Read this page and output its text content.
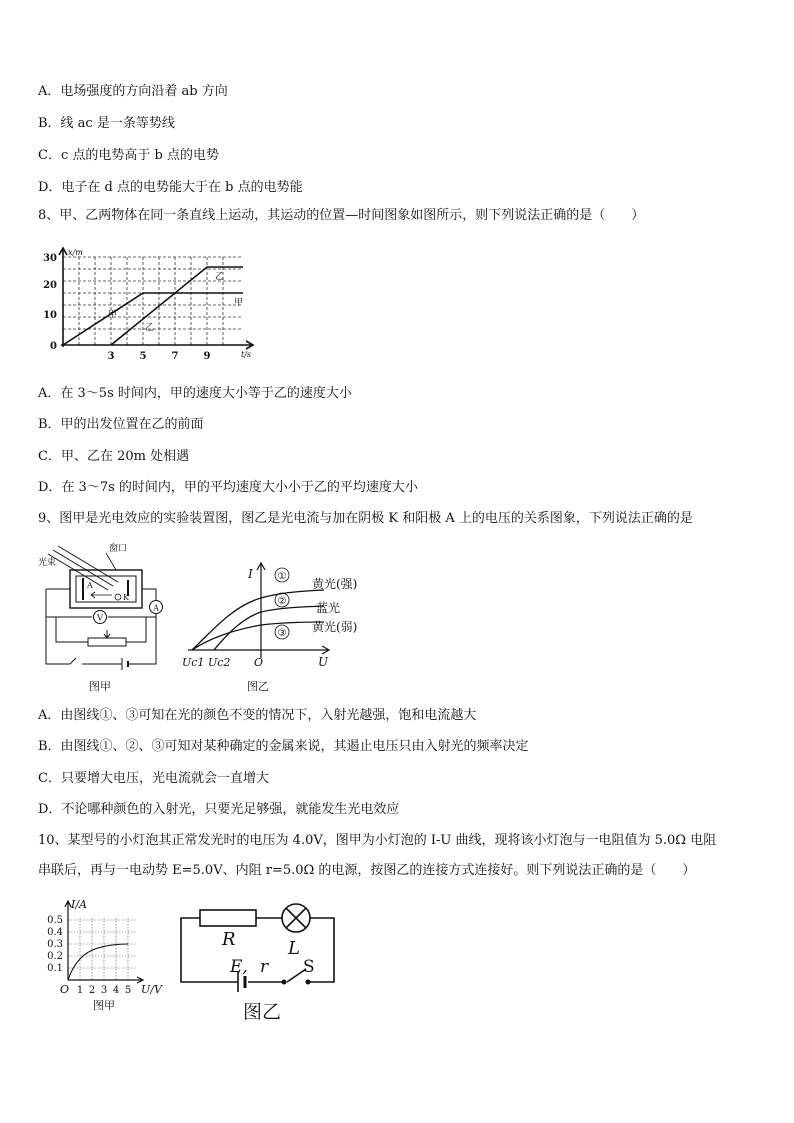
A．电场强度的方向沿着 ab 方向
B．线 ac 是一条等势线
C．c 点的电势高于 b 点的电势
D．电子在 d 点的电势能大于在 b 点的电势能
8、甲、乙两物体在同一条直线上运动，其运动的位置—时间图象如图所示，则下列说法正确的是（　　）
30
20
10
0
3	5	7	9
x/m
t/s
甲
甲
乙
乙
A．在 3～5s 时间内，甲的速度大小等于乙的速度大小
B．甲的出发位置在乙的前面
C．甲、乙在 20m 处相遇
D．在 3～7s 的时间内，甲的平均速度大小小于乙的平均速度大小
9、图甲是光电效应的实验装置图，图乙是光电流与加在阴极 K 和阳极 A 上的电压的关系图象，下列说法正确的是
光束
窗口
A
K
A
V
图甲
I
U
O
Uc1 Uc2
①
②
③
黄光(强)
蓝光
黄光(弱)
图乙
A．由图线①、③可知在光的颜色不变的情况下，入射光越强，饱和电流越大
B．由图线①、②、③可知对某种确定的金属来说，其遏止电压只由入射光的频率决定
C．只要增大电压，光电流就会一直增大
D．不论哪种颜色的入射光，只要光足够强，就能发生光电效应
10、某型号的小灯泡其正常发光时的电压为 4.0V，图甲为小灯泡的 I-U 曲线，现将该小灯泡与一电阻值为 5.0Ω 电阻
串联后，再与一电动势 E=5.0V、内阻 r=5.0Ω 的电源，按图乙的连接方式连接好。则下列说法正确的是（　　）
I/A
0.5
0.4
0.3
0.2
0.1
O 1 2 3 4 5 U/V
图甲
R	L
E, r S
图乙
